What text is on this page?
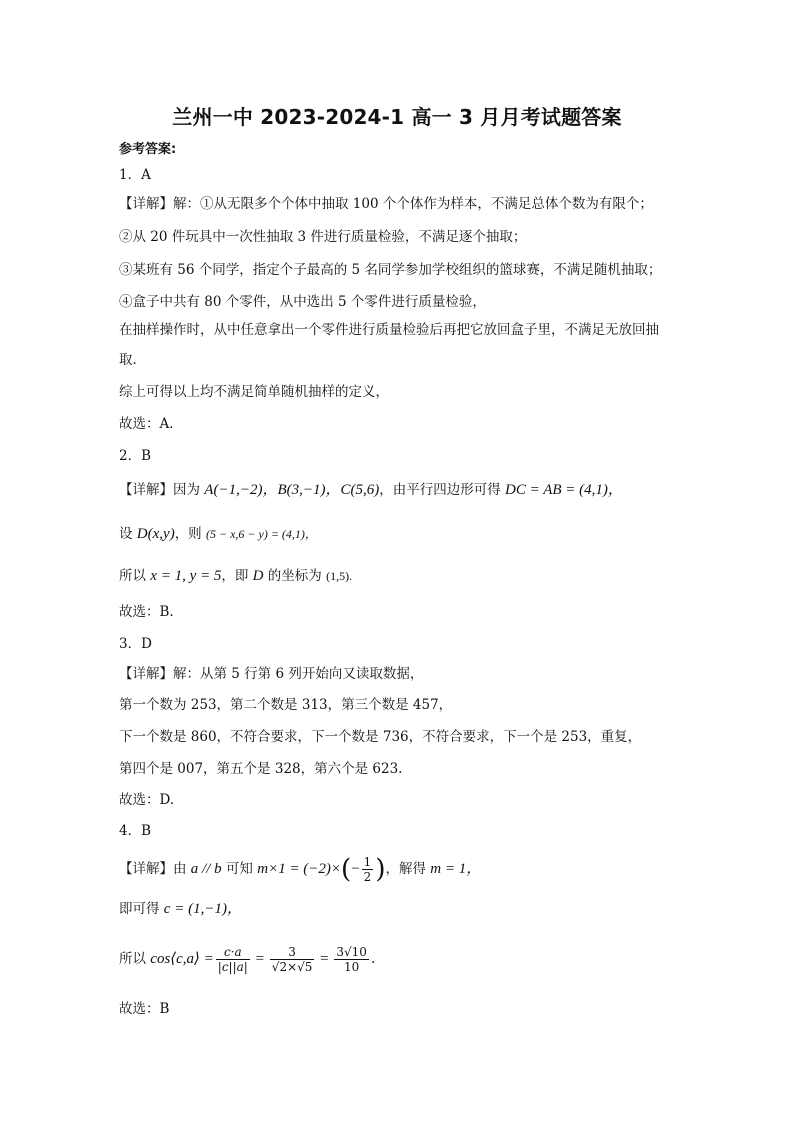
兰州一中 2023-2024-1 高一 3 月月考试题答案
参考答案:
1．A
【详解】解：①从无限多个个体中抽取 100 个个体作为样本，不满足总体个数为有限个；
②从 20 件玩具中一次性抽取 3 件进行质量检验，不满足逐个抽取；
③某班有 56 个同学，指定个子最高的 5 名同学参加学校组织的篮球赛，不满足随机抽取；
④盒子中共有 80 个零件，从中选出 5 个零件进行质量检验，
在抽样操作时，从中任意拿出一个零件进行质量检验后再把它放回盒子里，不满足无放回抽
取．
综上可得以上均不满足简单随机抽样的定义，
故选：A．
2．B
【详解】因为 A(−1,−2)，B(3,−1)，C(5,6)，由平行四边形可得 DC = AB = (4,1)，
设 D(x,y)，则 (5 − x,6 − y) = (4,1)，
所以 x = 1, y = 5，即 D 的坐标为 (1,5).
故选：B.
3．D
【详解】解：从第 5 行第 6 列开始向又读取数据，
第一个数为 253，第二个数是 313，第三个数是 457，
下一个数是 860，不符合要求，下一个数是 736，不符合要求，下一个是 253，重复，
第四个是 007，第五个是 328，第六个是 623.
故选：D.
4．B
【详解】由 a // b 可知 $m\times 1 = (-2)\times(- \frac{1}{2}$ )，解得 m = 1，
即可得 c = (1,−1)，
所以 cos⟨c,a⟩ = $\frac{c\cdot a}{|c||a|} = \frac{3}{√2\times√5} = \frac{3√10}{10}$ .
故选：B
